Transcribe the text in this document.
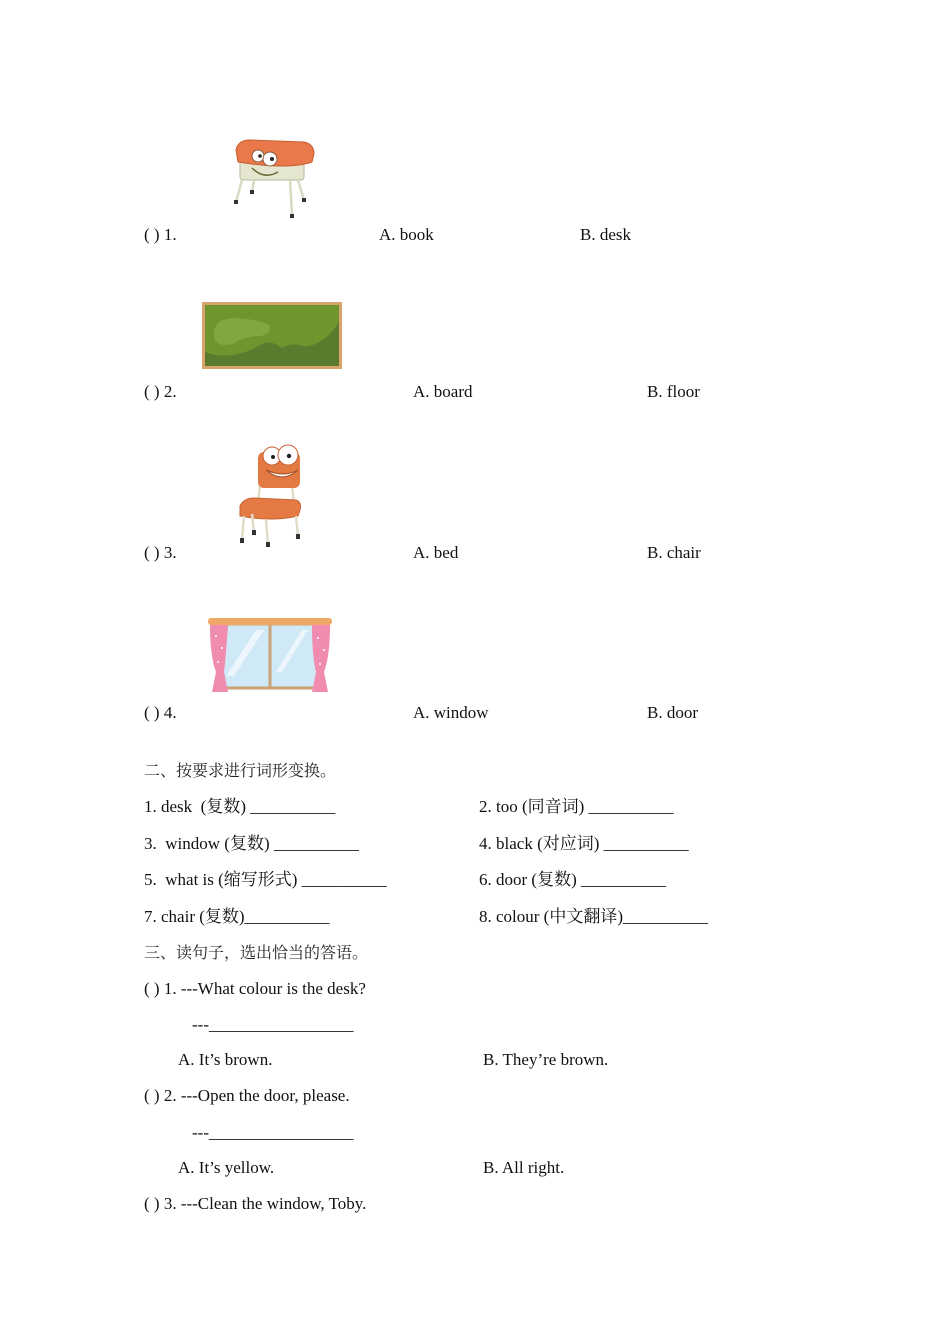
( ) 1.	A. book	B. desk
( ) 2.	A. board	B. floor
( ) 3.	A. bed	B. chair
( ) 4.	A. window	B. door
二、按要求进行词形变换。
1. desk  (复数) __________	2. too (同音词) __________
3.  window (复数) __________	4. black (对应词) __________
5.  what is (缩写形式) __________	6. door (复数) __________
7. chair (复数)__________	8. colour (中文翻译)__________
三、读句子，选出恰当的答语。
( ) 1. ---What colour is the desk?
---_________________
A. It’s brown.	B. They’re brown.
( ) 2. ---Open the door, please.
---_________________
A. It’s yellow.	B. All right.
( ) 3. ---Clean the window, Toby.
